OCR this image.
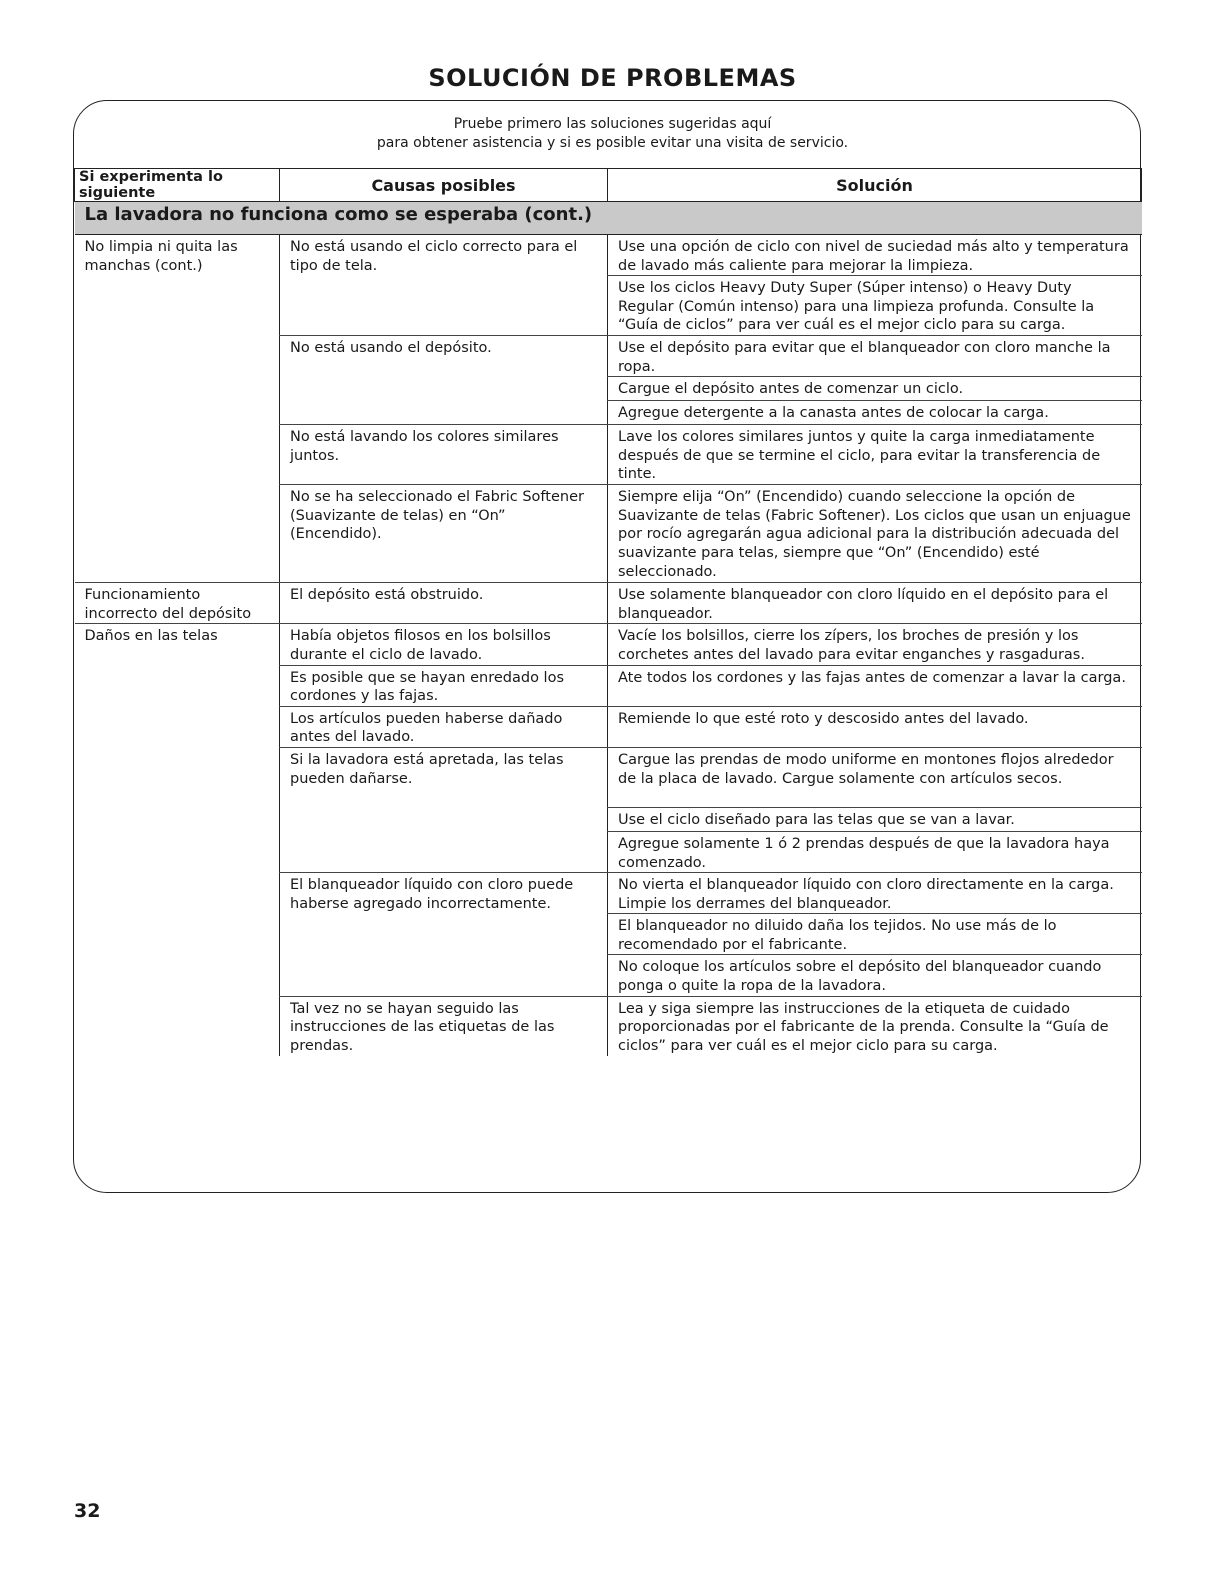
SOLUCIÓN DE PROBLEMAS
Pruebe primero las soluciones sugeridas aquí
para obtener asistencia y si es posible evitar una visita de servicio.
Si experimenta lo siguiente	Causas posibles	Solución
La lavadora no funciona como se esperaba (cont.)		
No limpia ni quita las manchas (cont.)	No está usando el ciclo correcto para el tipo de tela.	Use una opción de ciclo con nivel de suciedad más alto y temperatura de lavado más caliente para mejorar la limpieza.
		Use los ciclos Heavy Duty Super (Súper intenso) o Heavy Duty Regular (Común intenso) para una limpieza profunda. Consulte la “Guía de ciclos” para ver cuál es el mejor ciclo para su carga.
	No está usando el depósito.	Use el depósito para evitar que el blanqueador con cloro manche la ropa.
		Cargue el depósito antes de comenzar un ciclo.
		Agregue detergente a la canasta antes de colocar la carga.
	No está lavando los colores similares juntos.	Lave los colores similares juntos y quite la carga inmediatamente después de que se termine el ciclo, para evitar la transferencia de tinte.
	No se ha seleccionado el Fabric Softener (Suavizante de telas) en “On” (Encendido).	Siempre elija “On” (Encendido) cuando seleccione la opción de Suavizante de telas (Fabric Softener). Los ciclos que usan un enjuague por rocío agregarán agua adicional para la distribución adecuada del suavizante para telas, siempre que “On” (Encendido) esté seleccionado.
Funcionamiento incorrecto del depósito	El depósito está obstruido.	Use solamente blanqueador con cloro líquido en el depósito para el blanqueador.
Daños en las telas	Había objetos filosos en los bolsillos durante el ciclo de lavado.	Vacíe los bolsillos, cierre los zípers, los broches de presión y los corchetes antes del lavado para evitar enganches y rasgaduras.
	Es posible que se hayan enredado los cordones y las fajas.	Ate todos los cordones y las fajas antes de comenzar a lavar la carga.
	Los artículos pueden haberse dañado antes del lavado.	Remiende lo que esté roto y descosido antes del lavado.
	Si la lavadora está apretada, las telas pueden dañarse.	Cargue las prendas de modo uniforme en montones flojos alrededor de la placa de lavado. Cargue solamente con artículos secos.
		Use el ciclo diseñado para las telas que se van a lavar.
		Agregue solamente 1 ó 2 prendas después de que la lavadora haya comenzado.
	El blanqueador líquido con cloro puede haberse agregado incorrectamente.	No vierta el blanqueador líquido con cloro directamente en la carga. Limpie los derrames del blanqueador.
		El blanqueador no diluido daña los tejidos. No use más de lo recomendado por el fabricante.
		No coloque los artículos sobre el depósito del blanqueador cuando ponga o quite la ropa de la lavadora.
	Tal vez no se hayan seguido las instrucciones de las etiquetas de las prendas.	Lea y siga siempre las instrucciones de la etiqueta de cuidado proporcionadas por el fabricante de la prenda. Consulte la “Guía de ciclos” para ver cuál es el mejor ciclo para su carga.
32
